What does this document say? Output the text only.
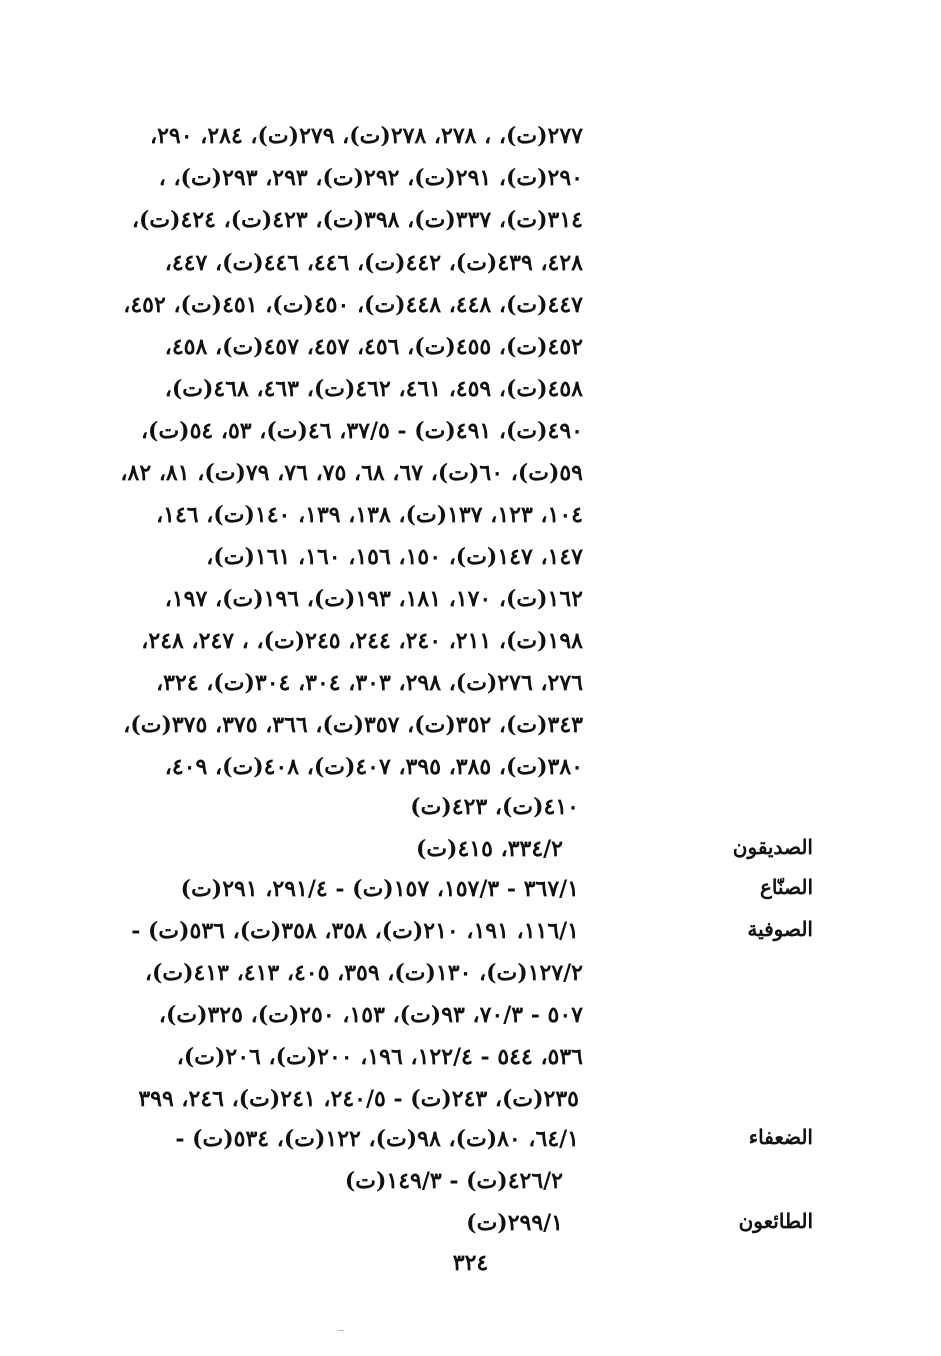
٢٧٧(ت)، ، ٢٧٨، ٢٧٨(ت)، ٢٧٩(ت)، ٢٨٤، ٢٩٠،
٢٩٠(ت)، ٢٩١(ت)، ٢٩٢(ت)، ٢٩٣، ٢٩٣(ت)، ،
٣١٤(ت)، ٣٣٧(ت)، ٣٩٨(ت)، ٤٢٣(ت)، ٤٢٤(ت)،
٤٢٨، ٤٣٩(ت)، ٤٤٢(ت)، ٤٤٦، ٤٤٦(ت)، ٤٤٧،
٤٤٧(ت)، ٤٤٨، ٤٤٨(ت)، ٤٥٠(ت)، ٤٥١(ت)، ٤٥٢،
٤٥٢(ت)، ٤٥٥(ت)، ٤٥٦، ٤٥٧، ٤٥٧(ت)، ٤٥٨،
٤٥٨(ت)، ٤٥٩، ٤٦١، ٤٦٢(ت)، ٤٦٣، ٤٦٨(ت)،
٤٩٠(ت)، ٤٩١(ت) - ٣٧/٥، ٤٦(ت)، ٥٣، ٥٤(ت)،
٥٩(ت)، ٦٠(ت)، ٦٧، ٦٨، ٧٥، ٧٦، ٧٩(ت)، ٨١، ٨٢،
١٠٤، ١٢٣، ١٣٧(ت)، ١٣٨، ١٣٩، ١٤٠(ت)، ١٤٦،
١٤٧، ١٤٧(ت)، ١٥٠، ١٥٦، ١٦٠، ١٦١(ت)،
١٦٢(ت)، ١٧٠، ١٨١، ١٩٣(ت)، ١٩٦(ت)، ١٩٧،
١٩٨(ت)، ٢١١، ٢٤٠، ٢٤٤، ٢٤٥(ت)، ، ٢٤٧، ٢٤٨،
٢٧٦، ٢٧٦(ت)، ٢٩٨، ٣٠٣، ٣٠٤، ٣٠٤(ت)، ٣٢٤،
٣٤٣(ت)، ٣٥٢(ت)، ٣٥٧(ت)، ٣٦٦، ٣٧٥، ٣٧٥(ت)،
٣٨٠(ت)، ٣٨٥، ٣٩٥، ٤٠٧(ت)، ٤٠٨(ت)، ٤٠٩،
٤١٠(ت)، ٤٢٣(ت)
الصديقون
٣٣٤/٢، ٤١٥(ت)
الصنّاع
٣٦٧/١ - ١٥٧/٣، ١٥٧(ت) - ٢٩١/٤، ٢٩١(ت)
الصوفية
١١٦/١، ١٩١، ٢١٠(ت)، ٣٥٨، ٣٥٨(ت)، ٥٣٦(ت) -
١٢٧/٢(ت)، ١٣٠(ت)، ٣٥٩، ٤٠٥، ٤١٣، ٤١٣(ت)،
٥٠٧ - ٧٠/٣، ٩٣(ت)، ١٥٣، ٢٥٠(ت)، ٣٢٥(ت)،
٥٣٦، ٥٤٤ - ١٢٢/٤، ١٩٦، ٢٠٠(ت)، ٢٠٦(ت)،
٢٣٥(ت)، ٢٤٣(ت) - ٢٤٠/٥، ٢٤١(ت)، ٢٤٦، ٣٩٩
الضعفاء
٦٤/١، ٨٠(ت)، ٩٨(ت)، ١٢٢(ت)، ٥٣٤(ت) -
٤٢٦/٢(ت) - ١٤٩/٣(ت)
الطائعون
٢٩٩/١(ت)
٣٢٤
